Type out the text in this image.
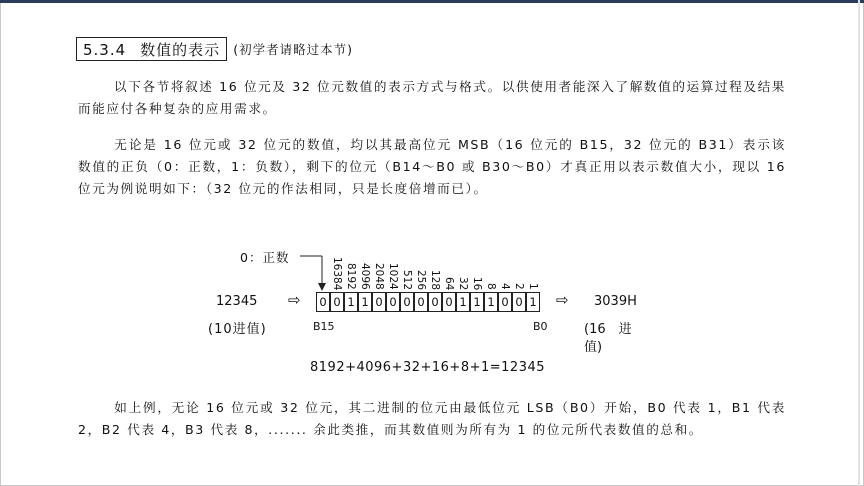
5.3.4 数值的表示	(初学者请略过本节)

以下各节将叙述 16 位元及 32 位元数值的表示方式与格式。以供使用者能深入了解数值的运算过程及结果而能应付各种复杂的应用需求。

无论是 16 位元或 32 位元的数值，均以其最高位元 MSB（16 位元的 B15，32 位元的 B31）表示该数值的正负（0：正数，1：负数），剩下的位元（B14～B0 或 B30～B0）才真正用以表示数值大小，现以 16 位元为例说明如下：（32 位元的作法相同，只是长度倍增而已）。

0：正数	16384 8192 4096 2048 1024 512 256 128 64 32 16 8 4 2 1
12345 ⇨ 0 0 1 1 0 0 0 0 0 0 1 1 1 0 0 1 ⇨ 3039H
(10进值)	B15	B0	(16　进
值)
8192+4096+32+16+8+1=12345

如上例，无论 16 位元或 32 位元，其二进制的位元由最低位元 LSB（B0）开始，B0 代表 1，B1 代表 2，B2 代表 4，B3 代表 8，....... 余此类推，而其数值则为所有为 1 的位元所代表数值的总和。
